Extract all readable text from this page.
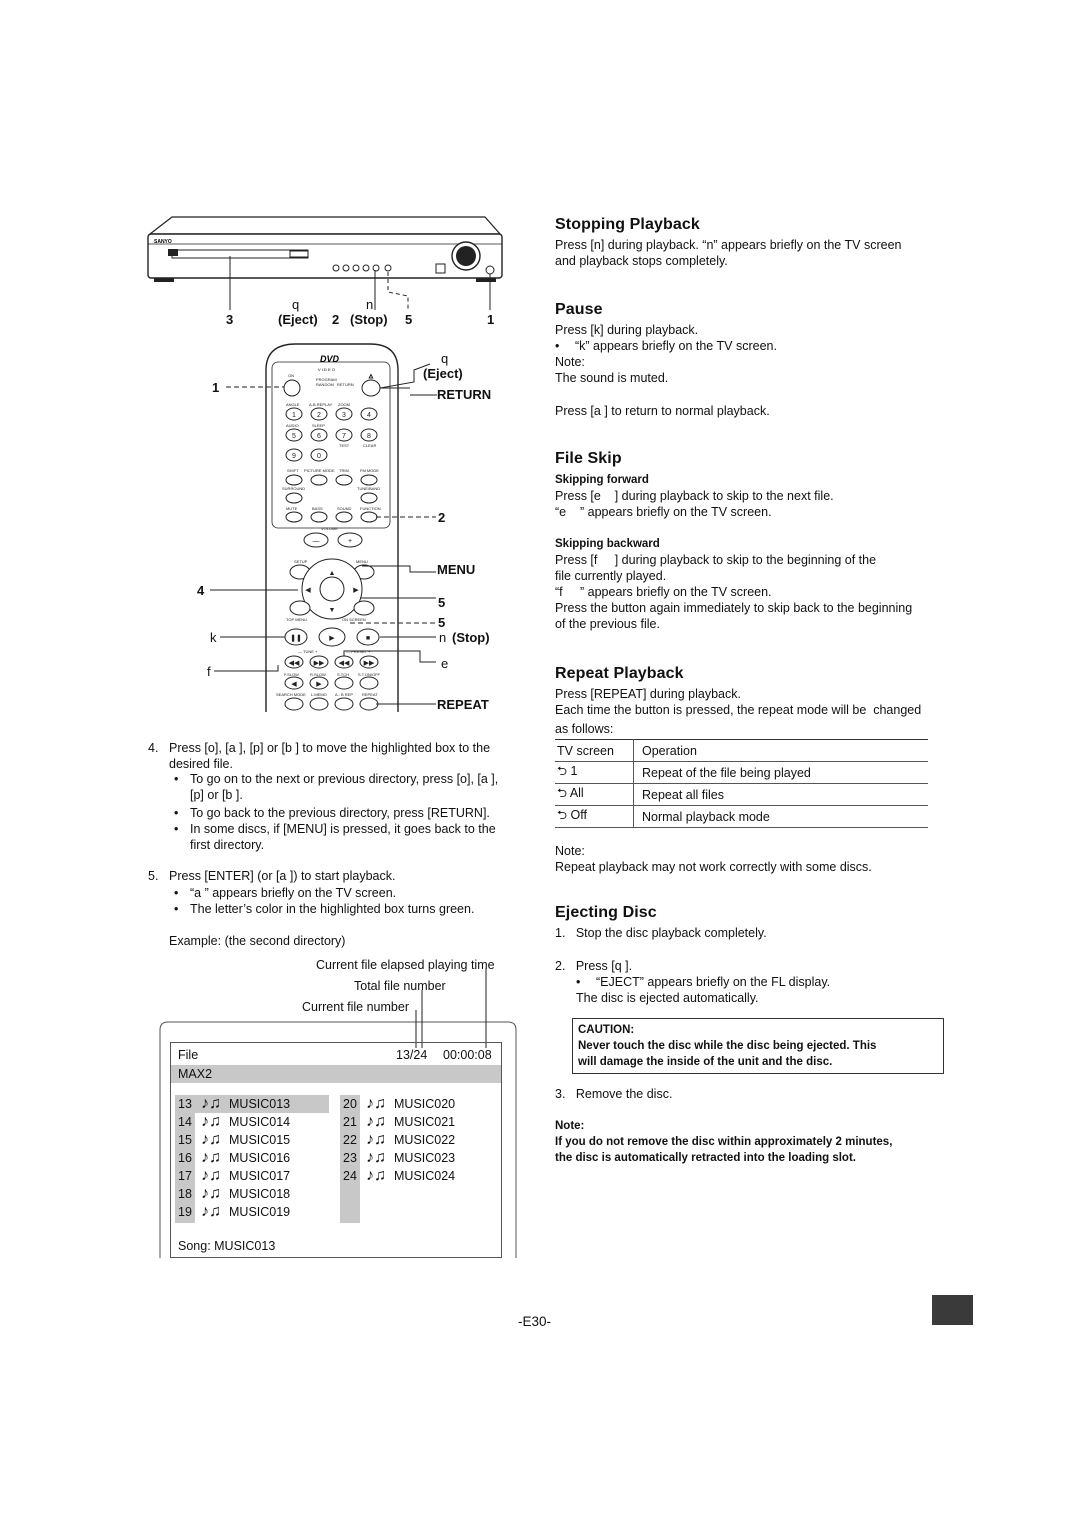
SANYO
q	n
3	(Eject) 2 (Stop) 5	1
DVD
V I D E O
ON
PROGRAM
RANDOM RETURN
ANGLE A-B REPLAY ZOOM
AUDIO	SLEEP
TEST	CLEAR
SHIFT PICTURE MODE TRIM	FM MODE
SURROUND	TUNE/BAND
MUTE	BASS	SOUND FUNCTION
VOLUME
SETUP	MENU
TOP MENU	ON SCREEN
— TUNE +	— PRESET +
F.SLOW	R.SLOW	S.TCH S.T.ON/OFF
SEARCH MODE L.MEMO A - B REP REPEAT
▲
1	2	3	4
5	6	7	8
9	0
—	+
▲
▼
◀	▶
❚❚	▶	■
◀◀ ▶▶ ◀◀ ▶▶
◀	▶
q
(Eject)
RETURN
1
2
MENU
4
5
5
k	n (Stop)
f
e
REPEAT
4. Press [o], [a ], [p] or [b ] to move the highlighted box to the
desired file.
• To go on to the next or previous directory, press [o], [a ],
[p] or [b ].
• To go back to the previous directory, press [RETURN].
• In some discs, if [MENU] is pressed, it goes back to the
first directory.
5. Press [ENTER] (or [a ]) to start playback.
• “a ” appears briefly on the TV screen.
• The letter’s color in the highlighted box turns green.
Example: (the second directory)
Current file elapsed playing time
Total file number
Current file number
File	13/24 00:00:08
MAX2
13 ♪♫ MUSIC013
14 ♪♫ MUSIC014
15 ♪♫ MUSIC015
16 ♪♫ MUSIC016
17 ♪♫ MUSIC017
18 ♪♫ MUSIC018
19 ♪♫ MUSIC019
20 ♪♫ MUSIC020
21 ♪♫ MUSIC021
22 ♪♫ MUSIC022
23 ♪♫ MUSIC023
24 ♪♫ MUSIC024
Song: MUSIC013
Stopping Playback
Press [n] during playback. “n” appears briefly on the TV screen
and playback stops completely.
Pause
Press [k] during playback.
• “k” appears briefly on the TV screen.
Note:
The sound is muted.
Press [a ] to return to normal playback.
File Skip
Skipping forward
Press [e    ] during playback to skip to the next file.
“e    ” appears briefly on the TV screen.
Skipping backward
Press [f     ] during playback to skip to the beginning of the
file currently played.
“f     ” appears briefly on the TV screen.
Press the button again immediately to skip back to the beginning
of the previous file.
Repeat Playback
Press [REPEAT] during playback.
Each time the button is pressed, the repeat mode will be  changed
as follows:
TV screen	Operation
⮌ 1	Repeat of the file being played
⮌ All	Repeat all files
⮌ Off	Normal playback mode
Note:
Repeat playback may not work correctly with some discs.
Ejecting Disc
1.   Stop the disc playback completely.
2.   Press [q ].
• “EJECT” appears briefly on the FL display.
The disc is ejected automatically.
CAUTION:
Never touch the disc while the disc being ejected. This
will damage the inside of the unit and the disc.
3.   Remove the disc.
Note:
If you do not remove the disc within approximately 2 minutes,
the disc is automatically retracted into the loading slot.
-E30-
